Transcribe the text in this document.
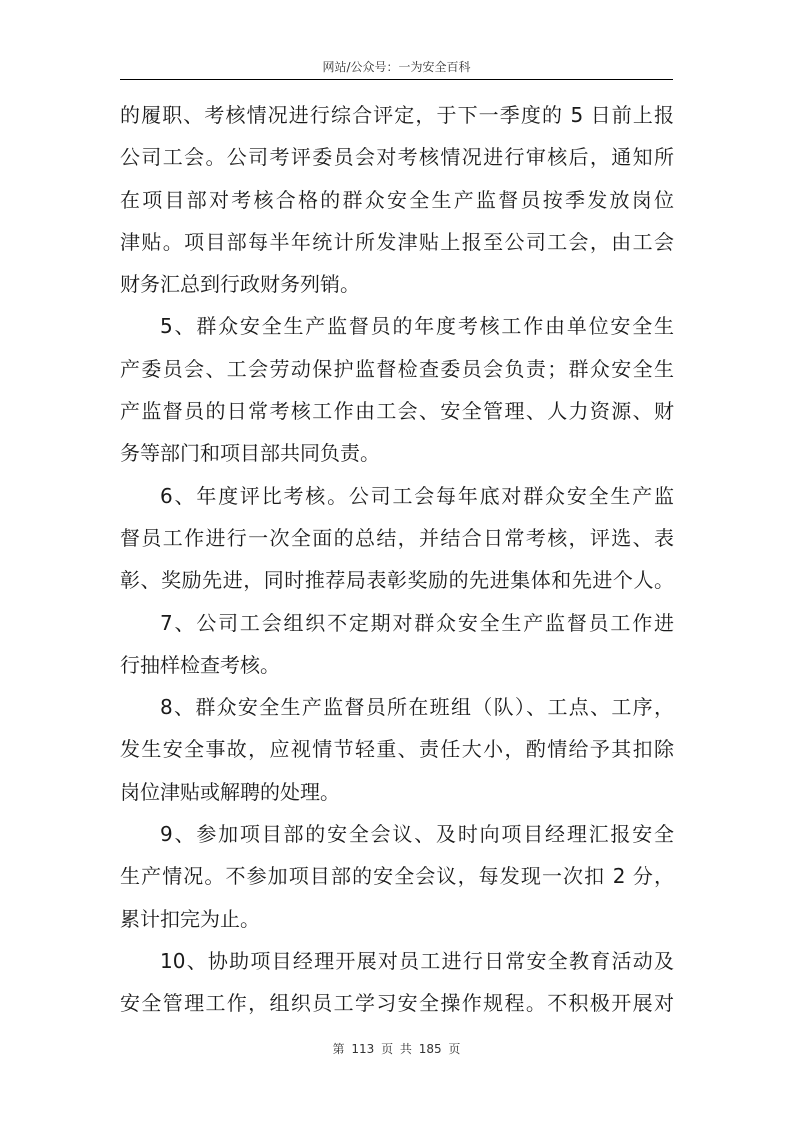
网站/公众号：一为安全百科
的履职、考核情况进行综合评定，于下一季度的 5 日前上报
公司工会。公司考评委员会对考核情况进行审核后，通知所
在项目部对考核合格的群众安全生产监督员按季发放岗位
津贴。项目部每半年统计所发津贴上报至公司工会，由工会
财务汇总到行政财务列销。
5、群众安全生产监督员的年度考核工作由单位安全生
产委员会、工会劳动保护监督检查委员会负责；群众安全生
产监督员的日常考核工作由工会、安全管理、人力资源、财
务等部门和项目部共同负责。
6、年度评比考核。公司工会每年底对群众安全生产监
督员工作进行一次全面的总结，并结合日常考核，评选、表
彰、奖励先进，同时推荐局表彰奖励的先进集体和先进个人。
7、公司工会组织不定期对群众安全生产监督员工作进
行抽样检查考核。
8、群众安全生产监督员所在班组（队）、工点、工序，
发生安全事故，应视情节轻重、责任大小，酌情给予其扣除
岗位津贴或解聘的处理。
9、参加项目部的安全会议、及时向项目经理汇报安全
生产情况。不参加项目部的安全会议，每发现一次扣 2 分，
累计扣完为止。
10、协助项目经理开展对员工进行日常安全教育活动及
安全管理工作，组织员工学习安全操作规程。不积极开展对
第 113 页 共 185 页
